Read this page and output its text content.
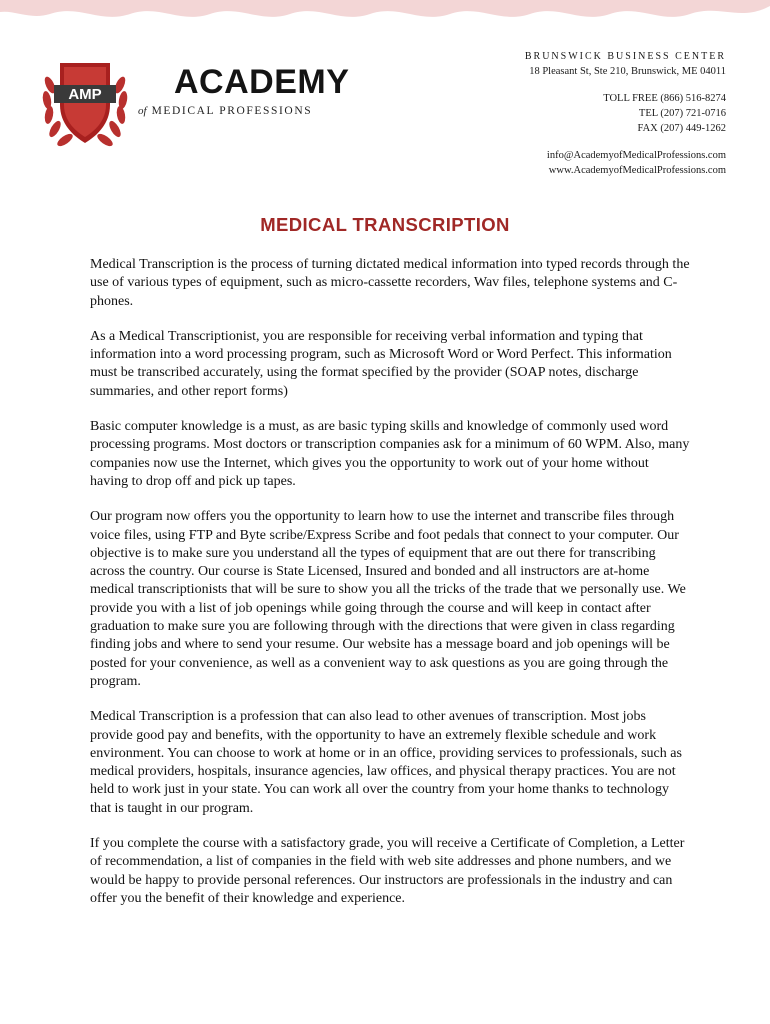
AMP ACADEMY
of MEDICAL PROFESSIONS
BRUNSWICK BUSINESS CENTER
18 Pleasant St, Ste 210, Brunswick, ME 04011
TOLL FREE (866) 516-8274
TEL (207) 721-0716
FAX (207) 449-1262
info@AcademyofMedicalProfessions.com
www.AcademyofMedicalProfessions.com
MEDICAL TRANSCRIPTION

Medical Transcription is the process of turning dictated medical information into typed records through the use of various types of equipment, such as micro-cassette recorders, Wav files, telephone systems and C-phones.

As a Medical Transcriptionist, you are responsible for receiving verbal information and typing that information into a word processing program, such as Microsoft Word or Word Perfect. This information must be transcribed accurately, using the format specified by the provider (SOAP notes, discharge summaries, and other report forms)

Basic computer knowledge is a must, as are basic typing skills and knowledge of commonly used word processing programs. Most doctors or transcription companies ask for a minimum of 60 WPM. Also, many companies now use the Internet, which gives you the opportunity to work out of your home without having to drop off and pick up tapes.

Our program now offers you the opportunity to learn how to use the internet and transcribe files through voice files, using FTP and Byte scribe/Express Scribe and foot pedals that connect to your computer. Our objective is to make sure you understand all the types of equipment that are out there for transcribing across the country. Our course is State Licensed, Insured and bonded and all instructors are at-home medical transcriptionists that will be sure to show you all the tricks of the trade that we personally use. We provide you with a list of job openings while going through the course and will keep in contact after graduation to make sure you are following through with the directions that were given in class regarding finding jobs and where to send your resume. Our website has a message board and job openings will be posted for your convenience, as well as a convenient way to ask questions as you are going through the program.

Medical Transcription is a profession that can also lead to other avenues of transcription. Most jobs provide good pay and benefits, with the opportunity to have an extremely flexible schedule and work environment. You can choose to work at home or in an office, providing services to professionals, such as medical providers, hospitals, insurance agencies, law offices, and physical therapy practices. You are not held to work just in your state. You can work all over the country from your home thanks to technology that is taught in our program.

If you complete the course with a satisfactory grade, you will receive a Certificate of Completion, a Letter of recommendation, a list of companies in the field with web site addresses and phone numbers, and we would be happy to provide personal references. Our instructors are professionals in the industry and can offer you the benefit of their knowledge and experience.
